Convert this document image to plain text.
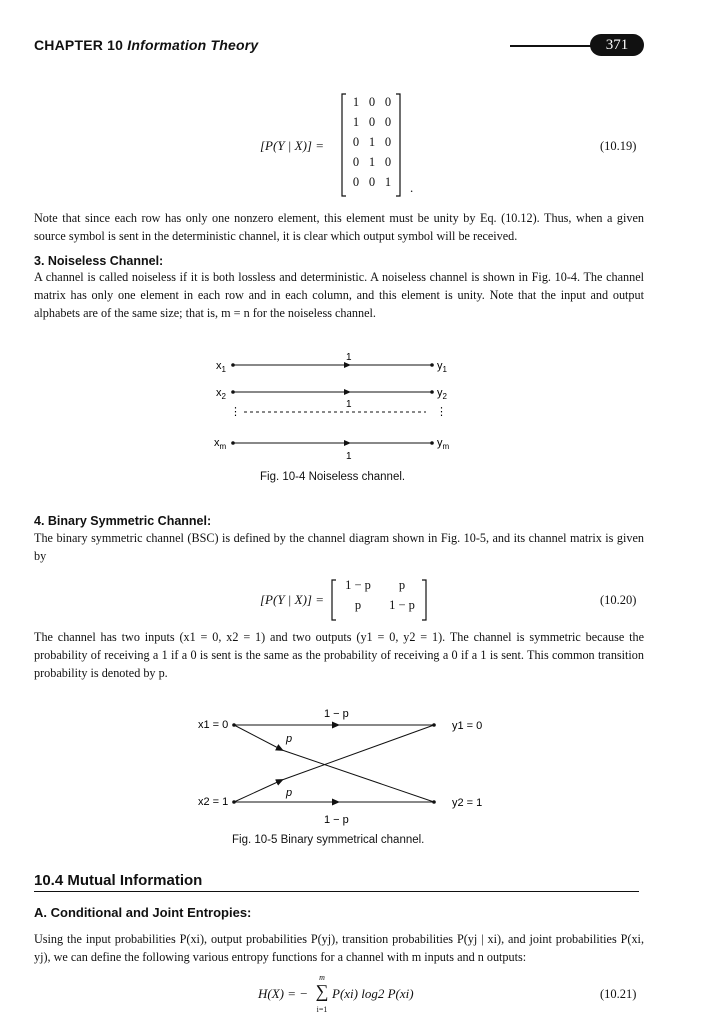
CHAPTER 10 Information Theory	371
[P(Y | X)] =
1 0 0
1 0 0
0 1 0
0 1 0
0 0 1	.
(10.19)
Note that since each row has only one nonzero element, this element must be unity by Eq. (10.12). Thus, when a given source symbol is sent in the deterministic channel, it is clear which output symbol will be received.
3. Noiseless Channel:
A channel is called noiseless if it is both lossless and deterministic. A noiseless channel is shown in Fig. 10-4. The channel matrix has only one element in each row and in each column, and this element is unity. Note that the input and output alphabets are of the same size; that is, m = n for the noiseless channel.
$x_1$
$x_2$
$x_m$
$y_1$
$y_2$
$y_m$
1
1
1
⋮	⋮
Fig. 10-4 Noiseless channel.
4. Binary Symmetric Channel:
The binary symmetric channel (BSC) is defined by the channel diagram shown in Fig. 10-5, and its channel matrix is given by
[P(Y | X)] =
1 − p	p
p	1 − p	(10.20)
The channel has two inputs (x1 = 0, x2 = 1) and two outputs (y1 = 0, y2 = 1). The channel is symmetric because the probability of receiving a 1 if a 0 is sent is the same as the probability of receiving a 0 if a 1 is sent. This common transition probability is denoted by p.
x1 = 0
x2 = 1
y1 = 0
y2 = 1
1 − p
1 − p
p
p
Fig. 10-5 Binary symmetrical channel.
10.4 Mutual Information
A. Conditional and Joint Entropies:
Using the input probabilities P(xi), output probabilities P(yj), transition probabilities P(yj | xi), and joint probabilities P(xi, yj), we can define the following various entropy functions for a channel with m inputs and n outputs:
H(X) = −
m
∑
i=1
P(xi) log2 P(xi)	(10.21)
